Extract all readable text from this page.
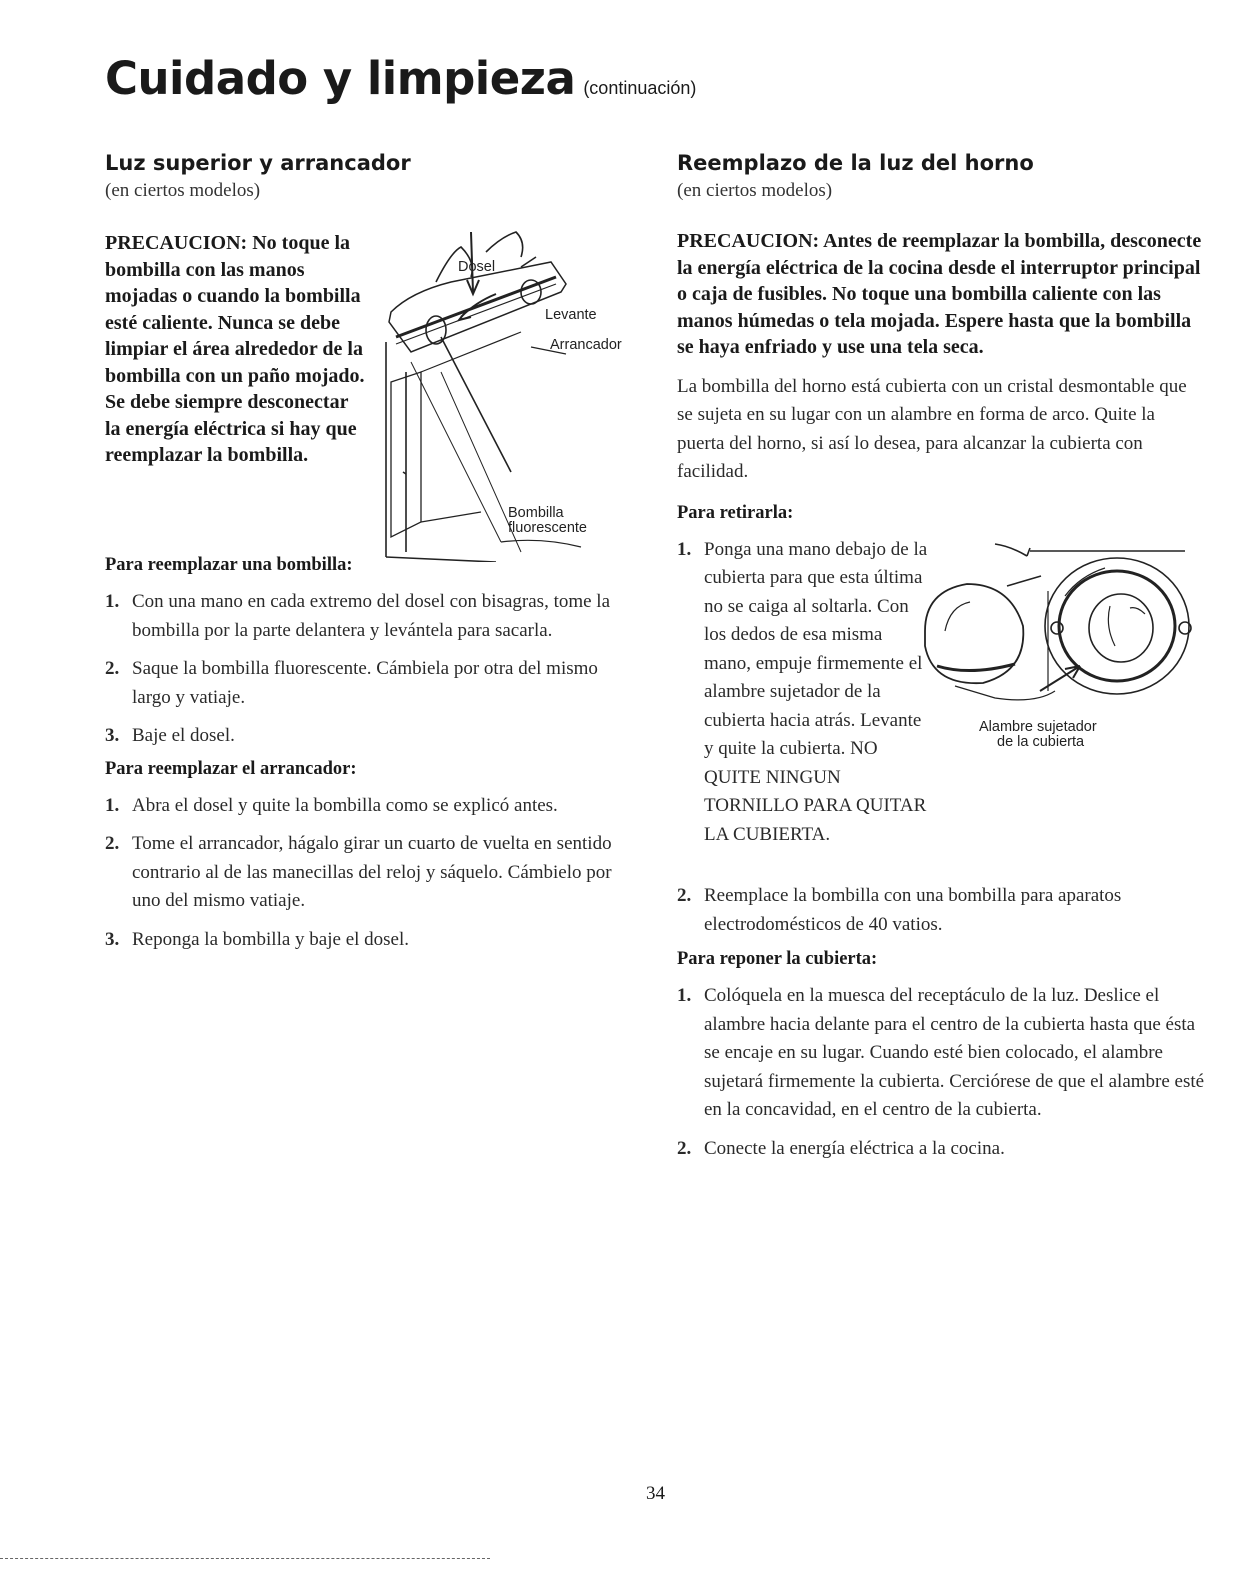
Cuidado y limpieza (continuación)
Luz superior y arrancador

(en ciertos modelos)

PRECAUCION: No toque la bombilla con las manos mojadas o cuando la bombilla esté caliente. Nunca se debe limpiar el área alrededor de la bombilla con un paño mojado. Se debe siempre desconectar la energía eléctrica si hay que reemplazar la bombilla.

Dosel
Levante
Arrancador
Bombilla
fluorescente

Para reemplazar una bombilla:

1. Con una mano en cada extremo del dosel con bisagras, tome la bombilla por la parte delantera y levántela para sacarla.
2. Saque la bombilla fluorescente. Cámbiela por otra del mismo largo y vatiaje.
3. Baje el dosel.

Para reemplazar el arrancador:

1. Abra el dosel y quite la bombilla como se explicó antes.
2. Tome el arrancador, hágalo girar un cuarto de vuelta en sentido contrario al de las manecillas del reloj y sáquelo. Cámbielo por uno del mismo vatiaje.
3. Reponga la bombilla y baje el dosel.
Reemplazo de la luz del horno

(en ciertos modelos)

PRECAUCION: Antes de reemplazar la bombilla, desconecte la energía eléctrica de la cocina desde el interruptor principal o caja de fusibles. No toque una bombilla caliente con las manos húmedas o tela mojada. Espere hasta que la bombilla se haya enfriado y use una tela seca.

La bombilla del horno está cubierta con un cristal desmontable que se sujeta en su lugar con un alambre en forma de arco. Quite la puerta del horno, si así lo desea, para alcanzar la cubierta con facilidad.

Para retirarla:

Alambre sujetador
de la cubierta
1. Ponga una mano debajo de la cubierta para que esta última no se caiga al soltarla. Con los dedos de esa misma mano, empuje firmemente el alambre sujetador de la cubierta hacia atrás. Levante y quite la cubierta. NO QUITE NINGUN TORNILLO PARA QUITAR LA CUBIERTA.
2. Reemplace la bombilla con una bombilla para aparatos electrodomésticos de 40 vatios.

Para reponer la cubierta:

1. Colóquela en la muesca del receptáculo de la luz. Deslice el alambre hacia delante para el centro de la cubierta hasta que ésta se encaje en su lugar. Cuando esté bien colocado, el alambre sujetará firmemente la cubierta. Cerciórese de que el alambre esté en la concavidad, en el centro de la cubierta.
2. Conecte la energía eléctrica a la cocina.
34
